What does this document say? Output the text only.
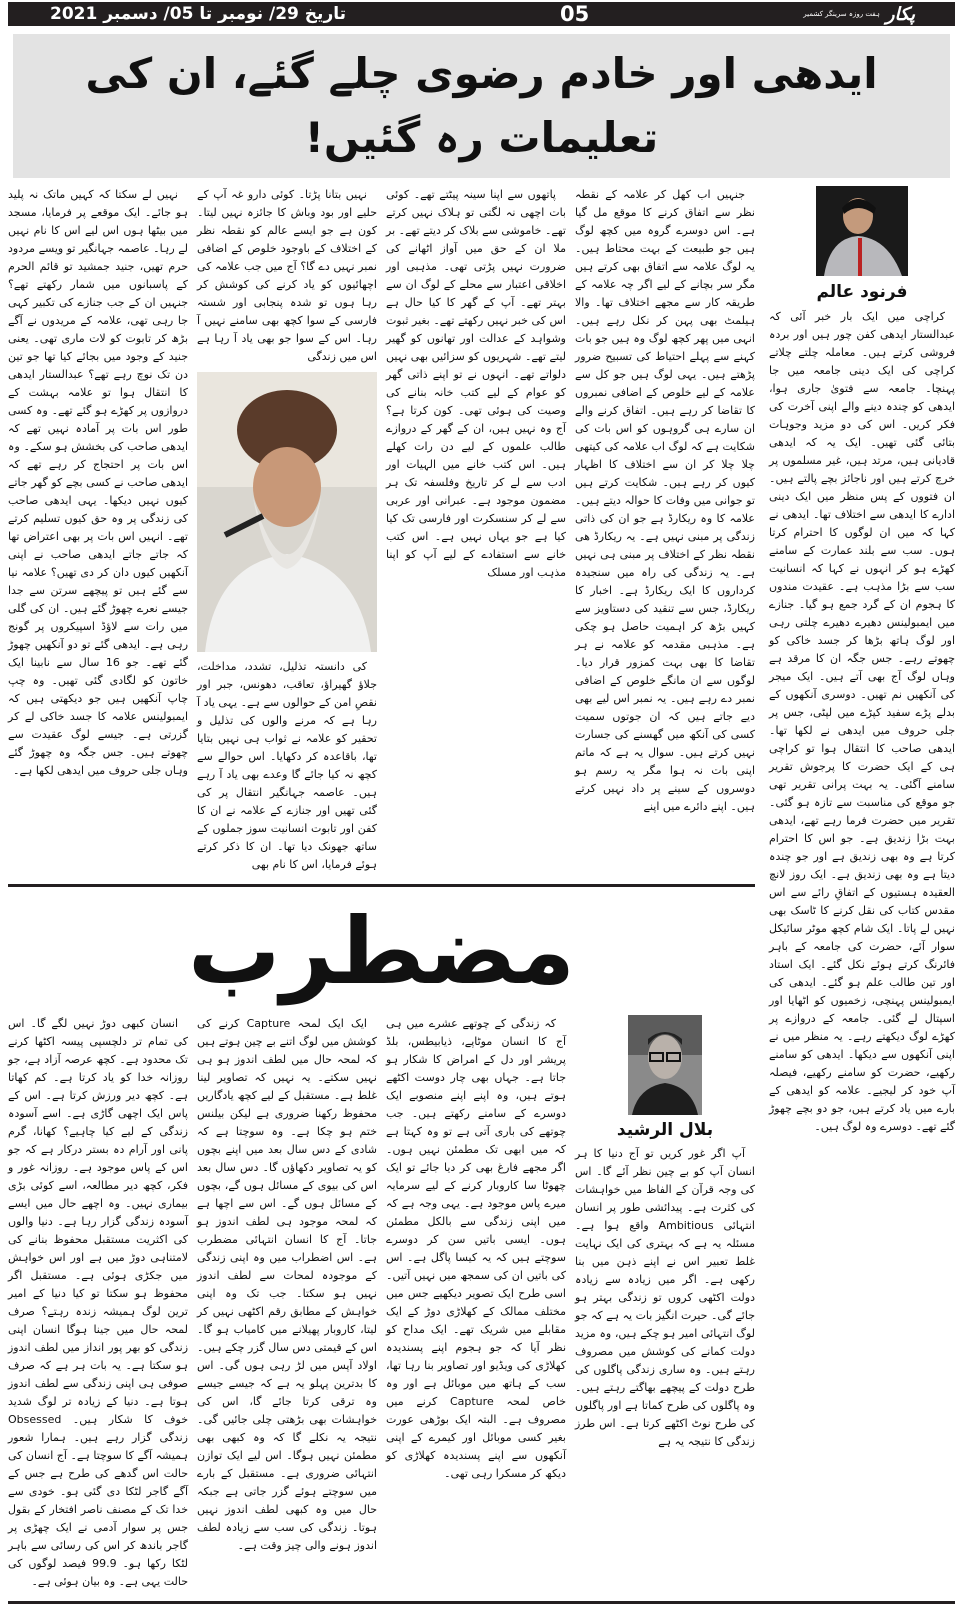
تاریخ 29/ نومبر تا 05/ دسمبر 2021	05	پکار
ہفت روزہ سرینگر کشمیر
ایدھی اور خادم رضوی چلے گئے، ان کی تعلیمات رہ گئیں!
فرنود عالم

کراچی میں ایک بار خبر آئی کہ عبدالستار ایدھی کفن چور ہیں اور بردہ فروشی کرتے ہیں۔ معاملہ چلتے چلاتے کراچی کی ایک دینی جامعہ میں جا پہنچا۔ جامعہ سے فتویٰ جاری ہوا، ایدھی کو چندہ دینے والے اپنی آخرت کی فکر کریں۔ اس کی دو مزید وجوہات بتائی گئی تھیں۔ ایک یہ کہ ایدھی قادیانی ہیں، مرتد ہیں، غیر مسلموں پر خرچ کرتے ہیں اور ناجائز بچے پالتے ہیں۔ ان فتووں کے پس منظر میں ایک دینی ادارے کا ایدھی سے اختلاف تھا۔ ایدھی نے کہا کہ میں ان لوگوں کا احترام کرتا ہوں۔ سب سے بلند عمارت کے سامنے کھڑے ہو کر انہوں نے کہا کہ انسانیت سب سے بڑا مذہب ہے۔ عقیدت مندوں کا ہجوم ان کے گرد جمع ہو گیا۔ جنازے میں ایمبولینس دھیرے دھیرے چلتی رہی اور لوگ ہاتھ بڑھا کر جسد خاکی کو چھوتے رہے۔ جس جگہ ان کا مرقد ہے وہاں لوگ آج بھی آتے ہیں۔ ایک میجر کی آنکھیں نم تھیں۔ دوسری آنکھوں کے بدلے پڑے سفید کپڑے میں لپٹی، جس پر جلی حروف میں ایدھی نے لکھا تھا۔ ایدھی صاحب کا انتقال ہوا تو کراچی ہی کے ایک حضرت کا پرجوش تقریر سامنے آگئی۔ یہ بہت پرانی تقریر تھی جو موقع کی مناسبت سے تازہ ہو گئی۔ تقریر میں حضرت فرما رہے تھے، ایدھی بہت بڑا زندیق ہے۔ جو اس کا احترام کرتا ہے وہ بھی زندیق ہے اور جو چندہ دیتا ہے وہ بھی زندیق ہے۔ ایک روز لانچ العقیدہ ہستیوں کے اتفاقِ رائے سے اس مقدس کتاب کی نقل کرنے کا ٹاسک بھی نہیں لے پاتا۔ ایک شام کچھ موٹر سائیکل سوار آئے، حضرت کی جامعہ کے باہر فائرنگ کرتے ہوئے نکل گئے۔ ایک استاد اور تین طالب علم ہو گئے۔ ایدھی کی ایمبولینس پہنچی، زخمیوں کو اٹھایا اور اسپتال لے گئی۔ جامعہ کے دروازے پر کھڑے لوگ دیکھتے رہے۔ یہ منظر میں نے اپنی آنکھوں سے دیکھا۔ ایدھی کو سامنے رکھیے، حضرت کو سامنے رکھیے، فیصلہ آپ خود کر لیجیے۔ علامہ کو ایدھی کے بارے میں یاد کرتے ہیں، جو دو بچے چھوڑ گئے تھے۔ دوسرے وہ لوگ ہیں۔

جنہیں اب کھل کر علامہ کے نقطہ نظر سے اتفاق کرنے کا موقع مل گیا ہے۔ اس دوسرے گروہ میں کچھ لوگ ہیں جو طبیعت کے بہت محتاط ہیں۔ یہ لوگ علامہ سے اتفاق بھی کرتے ہیں مگر سر بچانے کے لیے اگر چہ علامہ کے طریقہ کار سے مجھے اختلاف تھا۔ والا ہیلمٹ بھی پہن کر نکل رہے ہیں۔ انہی میں پھر کچھ لوگ وہ ہیں جو بات کہنے سے پہلے احتیاط کی تسبیح ضرور پڑھتے ہیں۔ یہی لوگ ہیں جو کل سے علامہ کے لیے خلوص کے اضافی نمبروں کا تقاضا کر رہے ہیں۔ اتفاق کرنے والے ان سارے ہی گروہوں کو اس بات کی شکایت ہے کہ لوگ اب علامہ کی کیتھی چلا چلا کر ان سے اختلاف کا اظہار کیوں کر رہے ہیں۔ شکایت کرتے ہیں تو جوانی میں وفات کا حوالہ دیتے ہیں۔ علامہ کا وہ ریکارڈ ہے جو ان کی ذاتی زندگی پر مبنی نہیں ہے۔ یہ ریکارڈ ھی نقطہ نظر کے اختلاف پر مبنی ہی نہیں ہے۔ یہ زندگی کی راہ میں سنجیدہ کرداروں کا ایک ریکارڈ ہے۔ اخبار کا ریکارڈ، جس سے تنقید کی دستاویز سے کہیں بڑھ کر اہمیت حاصل ہو چکی ہے۔ مذہبی مقدمہ کو علامہ نے ہر تقاضا کا بھی بہت کمزور قرار دیا۔ لوگوں سے ان مانگے خلوص کے اضافی نمبر دے رہے ہیں۔ یہ نمبر اس لیے بھی دیے جاتے ہیں کہ ان جوتوں سمیت کسی کی آنکھ میں گھسنے کی جسارت نہیں کرتے ہیں۔ سوال یہ ہے کہ ماتم اپنی بات نہ ہوا مگر یہ رسم ہو دوسروں کے سینے پر داد نہیں کرتے ہیں۔ اپنے دائرے میں اپنے

پاتھوں سے اپنا سینہ پیٹتے تھے۔ کوئی بات اچھی نہ لگتی تو ہلاک نہیں کرتے تھے۔ خاموشی سے بلاک کر دیتے تھے۔ بر ملا ان کے حق میں آواز اٹھانے کی ضرورت نہیں پڑتی تھی۔ مذہبی اور اخلاقی اعتبار سے محلے کے لوگ ان سے بہتر تھے۔ آپ کے گھر کا کیا حال ہے اس کی خبر نہیں رکھتے تھے۔ بغیر ثبوت وشواہد کے عدالت اور تھانوں کو گھیر لیتے تھے۔ شہریوں کو سزائیں بھی نہیں دلواتے تھے۔ انہوں نے تو اپنے ذاتی گھر کو عوام کے لیے کتب خانہ بنانے کی وصیت کی ہوئی تھی۔ کون کرتا ہے؟ آج وہ نہیں ہیں، ان کے گھر کے دروازے طالب علموں کے لیے دن رات کھلے ہیں۔ اس کتب خانے میں الہیات اور ادب سے لے کر تاریخ وفلسفہ تک ہر مضمون موجود ہے۔ عبرانی اور عربی سے لے کر سنسکرت اور فارسی تک کیا کیا ہے جو یہاں نہیں ہے۔ اس کتب خانے سے استفادے کے لیے آپ کو اپنا مذہب اور مسلک

نہیں بتانا پڑتا۔ کوئی دارو غہ آپ کے حلیے اور بود وباش کا جائزہ نہیں لیتا۔ کون ہے جو ایسے عالم کو نقطہ نظر کے اختلاف کے باوجود خلوص کے اضافی نمبر نہیں دے گا؟ آج میں جب علامہ کی اچھائیوں کو یاد کرنے کی کوشش کر رہا ہوں تو شدہ پنجابی اور شستہ فارسی کے سوا کچھ بھی سامنے نہیں آ رہا۔ اس کے سوا جو بھی یاد آ رہا ہے اس میں زندگی

کی دانستہ تذلیل، تشدد، مداخلت، جلاؤ گھیراؤ، تعاقب، دھونس، جبر اور نقصِ امن کے حوالوں سے ہے۔ یہی یاد آ رہا ہے کہ مرنے والوں کی تذلیل و تحقیر کو علامہ نے ثواب ہی نہیں بتایا تھا، باقاعدہ کر دکھایا۔ اس حوالے سے کچھ نہ کیا جائے گا وعدے بھی یاد آ رہے ہیں۔ عاصمہ جہانگیر انتقال پر کی گئی تھیں اور جنازے کے علامہ نے ان کا کفن اور تابوت انسانیت سوز جملوں کے ساتھ جھونک دیا تھا۔ ان کا ذکر کرتے ہوئے فرمایا، اس کا نام بھی

نہیں لے سکتا کہ کہیں ماتک نہ پلید ہو جائے۔ ایک موقعے پر فرمایا، مسجد میں بیٹھا ہوں اس لیے اس کا نام نہیں لے رہا۔ عاصمہ جہانگیر تو ویسے مردود حرم تھیں، جنید جمشید تو قائم الحرم کے پاسبانوں میں شمار رکھتے تھے؟ جنہیں ان کے جب جنازے کی تکبیر کہی جا رہی تھی، علامہ کے مریدوں نے آگے بڑھ کر تابوت کو لات ماری تھی۔ یعنی جنید کے وجود میں بجائے کیا تھا جو تین دن تک نوچ رہے تھے؟ عبدالستار ایدھی کا انتقال ہوا تو علامہ بہشت کے دروازوں پر کھڑے ہو گئے تھے۔ وہ کسی طور اس بات پر آمادہ نہیں تھے کہ ایدھی صاحب کی بخشش ہو سکے۔ وہ اس بات پر احتجاج کر رہے تھے کہ ایدھی صاحب نے کسی بچے کو گھر جاتے کیوں نہیں دیکھا۔ یہی ایدھی صاحب کی زندگی پر وہ حق کیوں تسلیم کرتے تھے۔ انہیں اس بات پر بھی اعتراض تھا کہ جاتے جاتے ایدھی صاحب نے اپنی آنکھیں کیوں دان کر دی تھیں؟ علامہ نیا سے گئے ہیں تو پیچھے سرتن سے جدا جیسے نعرے چھوڑ گئے ہیں۔ ان کی گلی میں رات سے لاؤڈ اسپیکروں پر گونج رہی ہے۔ ایدھی گئے تو دو آنکھیں چھوڑ گئے تھے۔ جو 16 سال سے نابینا ایک خاتون کو لگادی گئی تھیں۔ وہ چپ چاپ آنکھیں ہیں جو دیکھتی ہیں کہ ایمبولینس علامہ کا جسد خاکی لے کر گزرتی ہے۔ جیسے لوگ عقیدت سے چھوتے ہیں۔ جس جگہ وہ چھوڑ گئے وہاں جلی حروف میں ایدھی لکھا ہے۔

مضطرب
بلال الرشید

آپ اگر غور کریں تو آج دنیا کا ہر انسان آپ کو بے چین نظر آئے گا۔ اس کی وجہ قرآن کے الفاظ میں خواہشات کی کثرت ہے۔ پیدائشی طور پر انسان انتہائی Ambitious واقع ہوا ہے۔ مسئلہ یہ ہے کہ بہتری کی ایک نہایت غلط تعبیر اس نے اپنے ذہن میں بنا رکھی ہے۔ اگر میں زیادہ سے زیادہ دولت اکٹھی کروں تو زندگی بہتر ہو جائے گی۔ حیرت انگیز بات یہ ہے کہ جو لوگ انتہائی امیر ہو چکے ہیں، وہ مزید دولت کمانے کی کوشش میں مصروف رہتے ہیں۔ وہ ساری زندگی پاگلوں کی طرح دولت کے پیچھے بھاگتے رہتے ہیں۔ وہ پاگلوں کی طرح کماتا ہے اور پاگلوں کی طرح نوٹ اکٹھے کرتا ہے۔ اس طرز زندگی کا نتیجہ یہ ہے

کہ زندگی کے چوتھے عشرے میں ہی آج کا انسان موٹاپے، ذیابیطس، بلڈ پریشر اور دل کے امراض کا شکار ہو جاتا ہے۔ جہاں بھی چار دوست اکٹھے ہوتے ہیں، وہ اپنے اپنے منصوبے ایک دوسرے کے سامنے رکھتے ہیں۔ جب چوتھے کی باری آتی ہے تو وہ کہتا ہے کہ میں ابھی تک مطمئن نہیں ہوں۔ اگر مجھے فارغ بھی کر دیا جائے تو ایک چھوٹا سا کاروبار کرنے کے لیے سرمایہ میرے پاس موجود ہے۔ یہی وجہ ہے کہ میں اپنی زندگی سے بالکل مطمئن ہوں۔ ایسی باتیں سن کر دوسرے سوچتے ہیں کہ یہ کیسا پاگل ہے۔ اس کی باتیں ان کی سمجھ میں نہیں آتیں۔ اسی طرح ایک تصویر دیکھیے جس میں مختلف ممالک کے کھلاڑی دوڑ کے ایک مقابلے میں شریک تھے۔ ایک مداح کو نظر آیا کہ جو ہجوم اپنے پسندیدہ کھلاڑی کی ویڈیو اور تصاویر بنا رہا تھا، سب کے ہاتھ میں موبائل ہے اور وہ خاص لمحہ Capture کرنے میں مصروف ہے۔ البتہ ایک بوڑھی عورت بغیر کسی موبائل اور کیمرے کے اپنی آنکھوں سے اپنے پسندیدہ کھلاڑی کو دیکھ کر مسکرا رہی تھی۔

ایک ایک لمحہ Capture کرنے کی کوشش میں لوگ اتنے بے چین ہوتے ہیں کہ لمحہ حال میں لطف اندوز ہو ہی نہیں سکتے۔ یہ نہیں کہ تصاویر لینا غلط ہے۔ مستقبل کے لیے کچھ یادگاریں محفوظ رکھنا ضروری ہے لیکن بیلنس ختم ہو چکا ہے۔ وہ سوچتا ہے کہ شادی کے دس سال بعد میں اپنے بچوں کو یہ تصاویر دکھاؤں گا۔ دس سال بعد اس کی بیوی کے مسائل ہوں گے، بچوں کے مسائل ہوں گے۔ اس سے اچھا ہے کہ لمحہ موجود ہی لطف اندوز ہو جاتا۔ آج کا انسان انتہائی مضطرب ہے۔ اس اضطراب میں وہ اپنی زندگی کے موجودہ لمحات سے لطف اندوز نہیں ہو سکتا۔ جب تک وہ اپنی خواہش کے مطابق رقم اکٹھی نہیں کر لیتا، کاروبار پھیلانے میں کامیاب ہو گا۔ اس کے قیمتی دس سال گزر چکے ہیں۔ اولاد آپس میں لڑ رہی ہوں گی۔ اس کا بدترین پہلو یہ ہے کہ جیسے جیسے وہ ترقی کرتا جائے گا، اس کی خواہشات بھی بڑھتی چلی جائیں گی۔ نتیجہ یہ نکلے گا کہ وہ کبھی بھی مطمئن نہیں ہوگا۔ اس لیے ایک توازن انتہائی ضروری ہے۔ مستقبل کے بارے میں سوچتے ہوئے گزر جاتی ہے جبکہ حال میں وہ کبھی لطف اندوز نہیں ہوتا۔ زندگی کی سب سے زیادہ لطف اندوز ہونے والی چیز وقت ہے۔

انسان کبھی دوڑ نہیں لگے گا۔ اس کی تمام تر دلچسپی پیسہ اکٹھا کرنے تک محدود ہے۔ کچھ عرصہ آزاد ہے، جو روزانہ خدا کو یاد کرتا ہے۔ کم کھاتا ہے۔ کچھ دیر ورزش کرتا ہے۔ اس کے پاس ایک اچھی گاڑی ہے۔ اسے آسودہ زندگی کے لیے کیا چاہیے؟ کھانا، گرم پانی اور آرام دہ بستر درکار ہے کہ جو اس کے پاس موجود ہے۔ روزانہ غور و فکر، کچھ دیر مطالعہ، اسے کوئی بڑی بیماری نہیں۔ وہ اچھے حال میں ایسے آسودہ زندگی گزار رہا ہے۔ دنیا والوں کی اکثریت مستقبل محفوظ بنانے کی لامتناہی دوڑ میں ہے اور اس خواہش میں جکڑی ہوئی ہے۔ مستقبل اگر محفوظ ہو سکتا تو کیا دنیا کے امیر ترین لوگ ہمیشہ زندہ رہتے؟ صرف لمحہ حال میں جینا ہوگا انسان اپنی زندگی کو بھر پور انداز میں لطف اندوز ہو سکتا ہے۔ یہ بات ہر ہے کہ صرف صوفی ہی اپنی زندگی سے لطف اندوز ہوتا ہے۔ دنیا کے زیادہ تر لوگ شدید خوف کا شکار ہیں۔ Obsessed زندگی گزار رہے ہیں۔ ہمارا شعور ہمیشہ آگے کا سوچتا ہے۔ آج انسان کی حالت اس گدھے کی طرح ہے جس کے آگے گاجر لٹکا دی گئی ہو۔ خودی سے خدا تک کے مصنف ناصر افتخار کے بقول جس پر سوار آدمی نے ایک چھڑی پر گاجر باندھ کر اس کی رسائی سے باہر لٹکا رکھا ہو۔ 99.9 فیصد لوگوں کی حالت یہی ہے۔ وہ بیان ہوئی ہے۔
